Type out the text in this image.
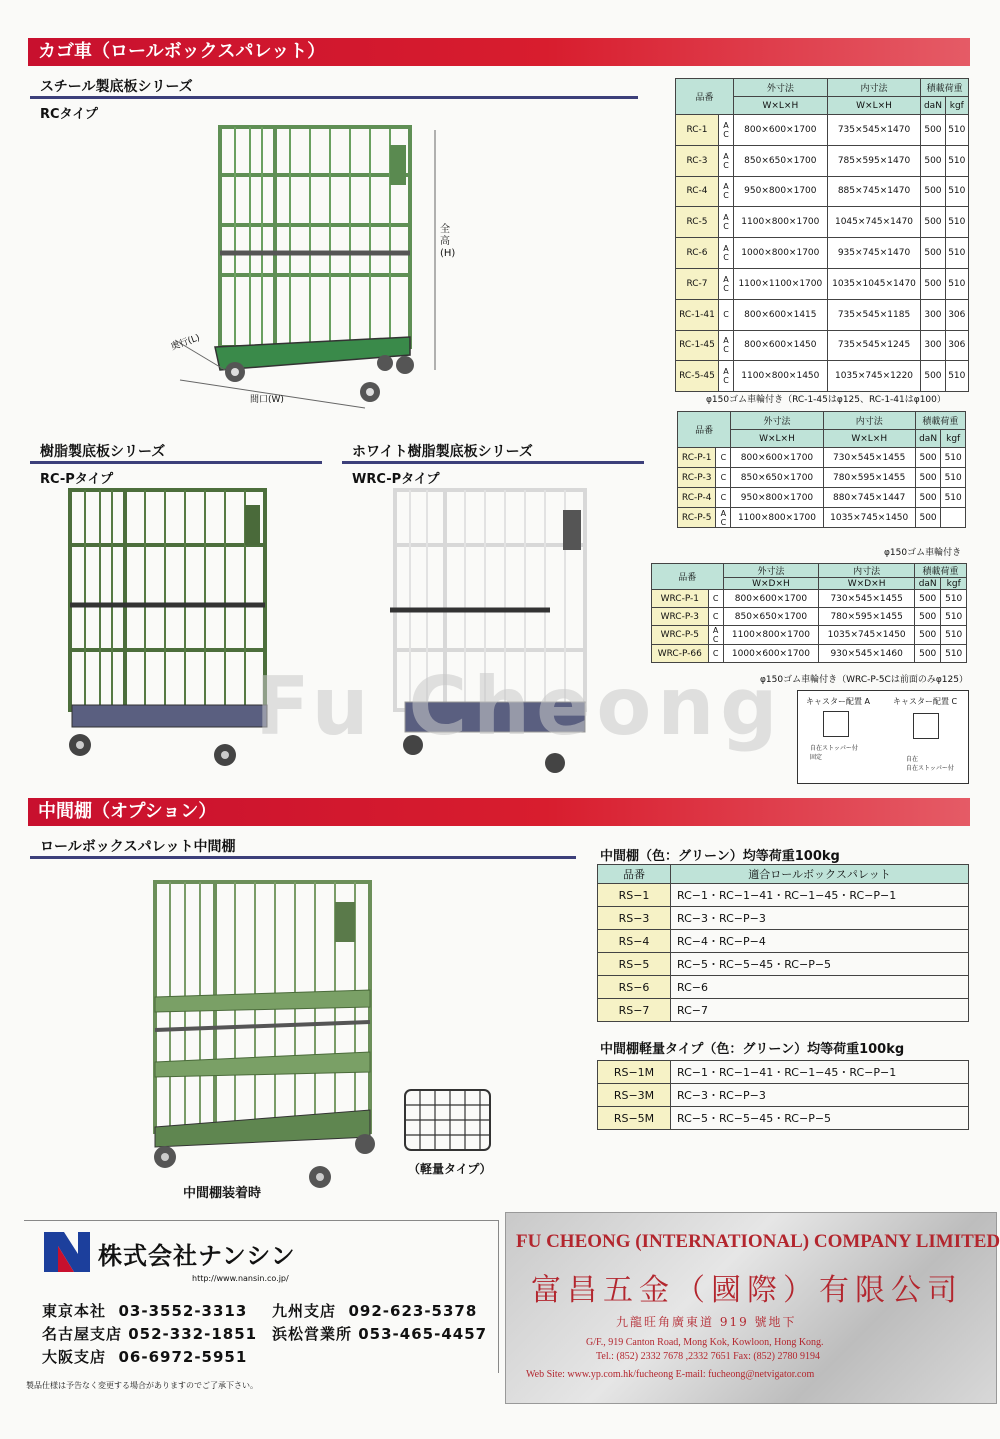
カゴ車（ロールボックスパレット）
スチール製底板シリーズ
RCタイプ
全高(H)
奥行(L)
間口(W)
品番		外寸法	内寸法	積載荷重	
		W×L×H	W×L×H	daN	kgf
RC-1	A C	800×600×1700	735×545×1470	500	510
RC-3	A C	850×650×1700	785×595×1470	500	510
RC-4	A C	950×800×1700	885×745×1470	500	510
RC-5	A C	1100×800×1700	1045×745×1470	500	510
RC-6	A C	1000×800×1700	935×745×1470	500	510
RC-7	A C	1100×1100×1700	1035×1045×1470	500	510
RC-1-41	C	800×600×1415	735×545×1185	300	306
RC-1-45	A C	800×600×1450	735×545×1245	300	306
RC-5-45	A C	1100×800×1450	1035×745×1220	500	510
φ150ゴム車輪付き（RC-1-45はφ125、RC-1-41はφ100）
樹脂製底板シリーズ
RC-Pタイプ
ホワイト樹脂製底板シリーズ
WRC-Pタイプ
品番		外寸法	内寸法	積載荷重	
		W×L×H	W×L×H	daN	kgf
RC-P-1	C	800×600×1700	730×545×1455	500	510
RC-P-3	C	850×650×1700	780×595×1455	500	510
RC-P-4	C	950×800×1700	880×745×1447	500	510
RC-P-5	A C	1100×800×1700	1035×745×1450	500	
φ150ゴム車輪付き
品番		外寸法	内寸法	積載荷重	
		W×D×H	W×D×H	daN	kgf
WRC-P-1	C	800×600×1700	730×545×1455	500	510
WRC-P-3	C	850×650×1700	780×595×1455	500	510
WRC-P-5	A C	1100×800×1700	1035×745×1450	500	510
WRC-P-66	C	1000×600×1700	930×545×1460	500	510
φ150ゴム車輪付き（WRC-P-5Cは前面のみφ125）
キャスター配置 A	キャスター配置 C
自在ストッパー付
固定	自在
自在ストッパー付
Fu Cheong
中間棚（オプション）
ロールボックスパレット中間棚
中間棚装着時
（軽量タイプ）
中間棚（色：グリーン）均等荷重100kg
品番	適合ロールボックスパレット
RS−1	RC−1・RC−1−41・RC−1−45・RC−P−1
RS−3	RC−3・RC−P−3
RS−4	RC−4・RC−P−4
RS−5	RC−5・RC−5−45・RC−P−5
RS−6	RC−6
RS−7	RC−7
中間棚軽量タイプ（色：グリーン）均等荷重100kg
RS−1M	RC−1・RC−1−41・RC−1−45・RC−P−1
RS−3M	RC−3・RC−P−3
RS−5M	RC−5・RC−5−45・RC−P−5
株式会社ナンシン
http://www.nansin.co.jp/
東京本社 03-3552-3313 九州支店 092-623-5378
名古屋支店 052-332-1851 浜松営業所 053-465-4457
大阪支店 06-6972-5951
製品仕様は予告なく変更する場合がありますのでご了承下さい。
FU CHEONG (INTERNATIONAL) COMPANY LIMITED
富昌五金（國際）有限公司
九龍旺角廣東道 919 號地下
G/F., 919 Canton Road, Mong Kok, Kowloon, Hong Kong.
Tel.: (852) 2332 7678 ,2332 7651 Fax: (852) 2780 9194
Web Site: www.yp.com.hk/fucheong E-mail: fucheong@netvigator.com
